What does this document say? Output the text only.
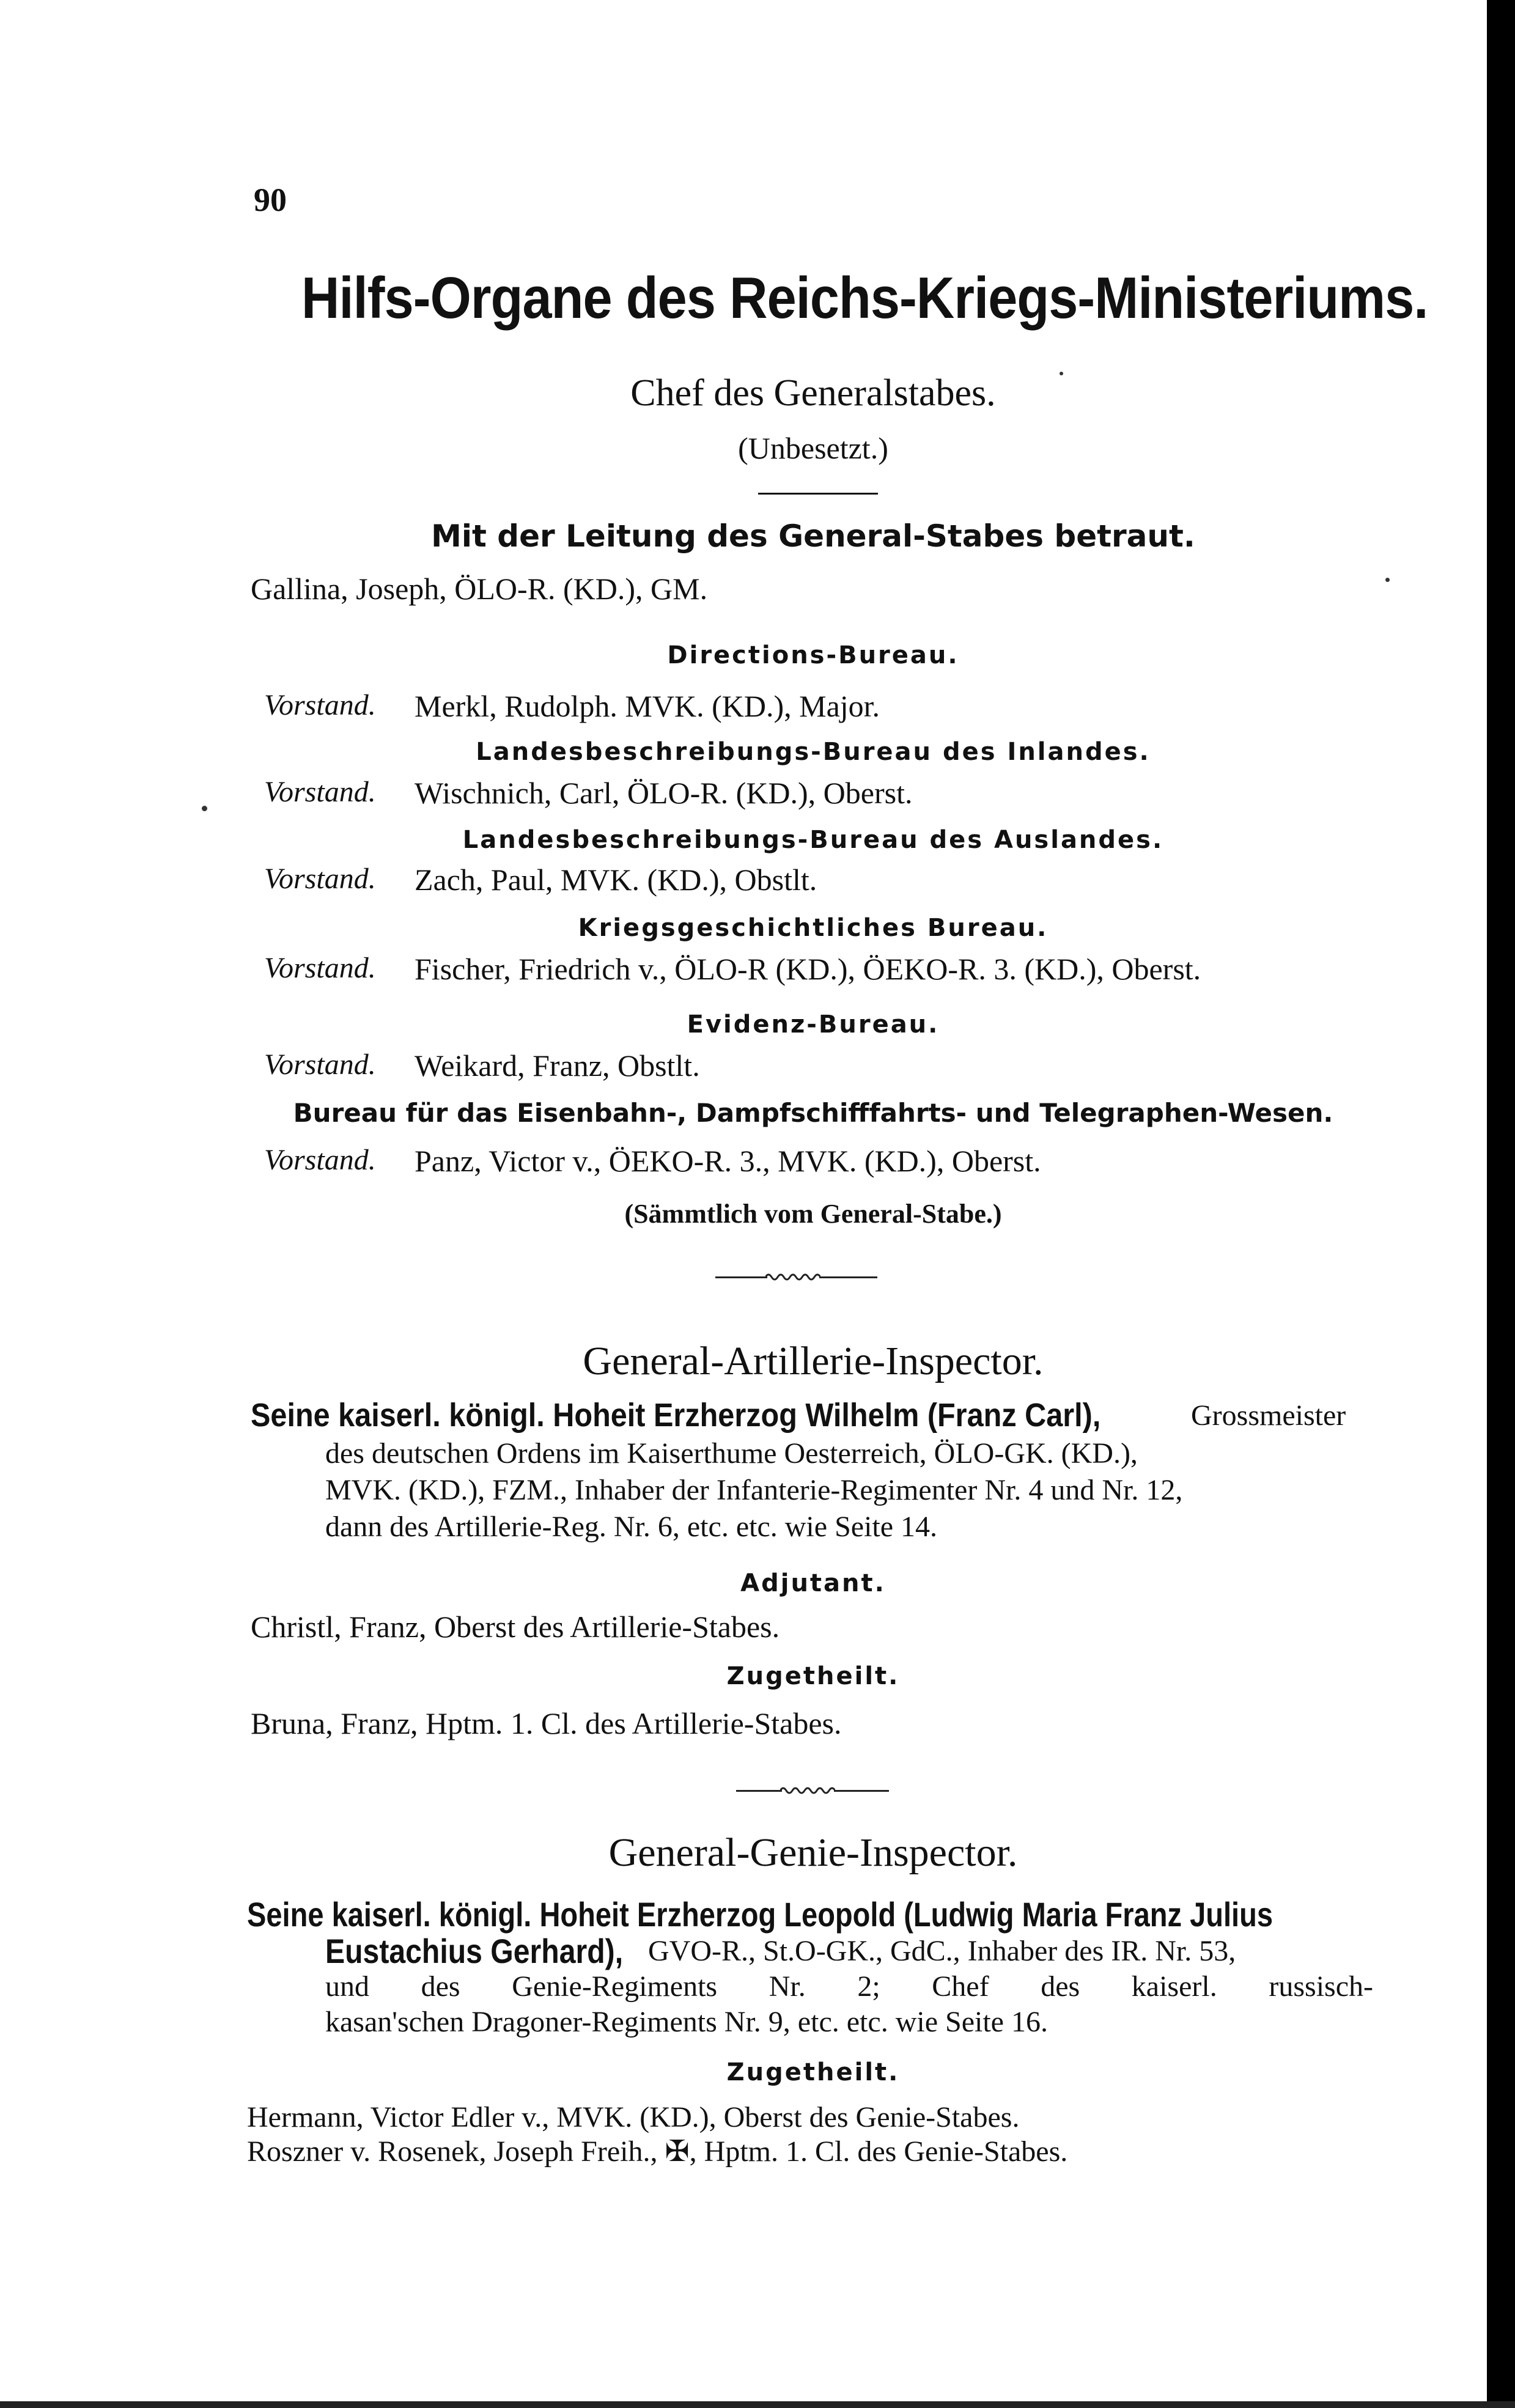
90
Hilfs-Organe des Reichs-Kriegs-Ministeriums.
Chef des Generalstabes.
(Unbesetzt.)
Mit der Leitung des General-Stabes betraut.
Gallina, Joseph, ÖLO-R. (KD.), GM.
Directions-Bureau.
Vorstand. Merkl, Rudolph. MVK. (KD.), Major.
Landesbeschreibungs-Bureau des Inlandes.
Vorstand. Wischnich, Carl, ÖLO-R. (KD.), Oberst.
Landesbeschreibungs-Bureau des Auslandes.
Vorstand. Zach, Paul, MVK. (KD.), Obstlt.
Kriegsgeschichtliches Bureau.
Vorstand. Fischer, Friedrich v., ÖLO-R (KD.), ÖEKO-R. 3. (KD.), Oberst.
Evidenz-Bureau.
Vorstand. Weikard, Franz, Obstlt.
Bureau für das Eisenbahn-, Dampfschifffahrts- und Telegraphen-Wesen.
Vorstand. Panz, Victor v., ÖEKO-R. 3., MVK. (KD.), Oberst.
(Sämmtlich vom General-Stabe.)
General-Artillerie-Inspector.
Seine kaiserl. königl. Hoheit Erzherzog Wilhelm (Franz Carl),	Grossmeister
des deutschen Ordens im Kaiserthume Oesterreich, ÖLO-GK. (KD.),
MVK. (KD.), FZM., Inhaber der Infanterie-Regimenter Nr. 4 und Nr. 12,
dann des Artillerie-Reg. Nr. 6, etc. etc. wie Seite 14.
Adjutant.
Christl, Franz, Oberst des Artillerie-Stabes.
Zugetheilt.
Bruna, Franz, Hptm. 1. Cl. des Artillerie-Stabes.
General-Genie-Inspector.
Seine kaiserl. königl. Hoheit Erzherzog Leopold (Ludwig Maria Franz Julius
Eustachius Gerhard), GVO-R., St.O-GK., GdC., Inhaber des IR. Nr. 53,
und des Genie-Regiments Nr. 2; Chef des kaiserl. russisch-
kasan'schen Dragoner-Regiments Nr. 9, etc. etc. wie Seite 16.
Zugetheilt.
Hermann, Victor Edler v., MVK. (KD.), Oberst des Genie-Stabes.
Roszner v. Rosenek, Joseph Freih., ✠, Hptm. 1. Cl. des Genie-Stabes.
